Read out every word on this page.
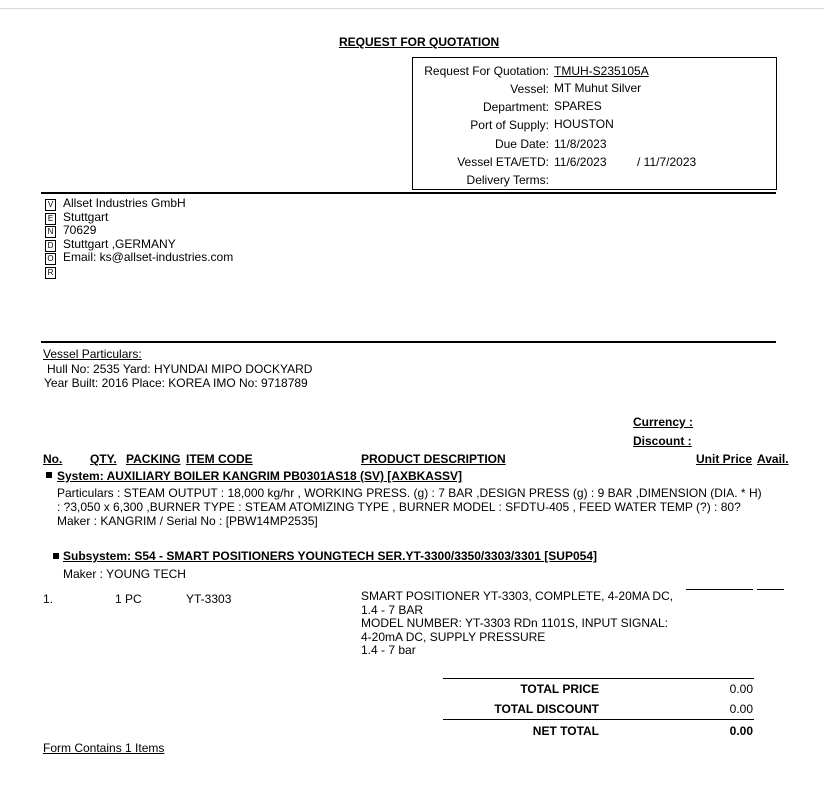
REQUEST FOR QUOTATION
Request For Quotation: TMUH-S235105A
Vessel: MT Muhut Silver
Department: SPARES
Port of Supply: HOUSTON
Due Date: 11/8/2023
Vessel ETA/ETD: 11/6/2023	/ 11/7/2023
Delivery Terms:
V
E
N
D
O
R
Allset Industries GmbH
Stuttgart
70629
Stuttgart ,GERMANY
Email: ks@allset-industries.com
Vessel Particulars:
Hull No: 2535 Yard: HYUNDAI MIPO DOCKYARD
Year Built: 2016 Place: KOREA IMO No: 9718789
Currency :
Discount :
No. QTY. PACKING ITEM CODE	PRODUCT DESCRIPTION	Unit Price Avail.
System: AUXILIARY BOILER KANGRIM PB0301AS18 (SV) [AXBKASSV]
Particulars : STEAM OUTPUT : 18,000 kg/hr , WORKING PRESS. (g) : 7 BAR ,DESIGN PRESS (g) : 9 BAR ,DIMENSION (DIA. * H)
: ?3,050 x 6,300 ,BURNER TYPE : STEAM ATOMIZING TYPE , BURNER MODEL : SFDTU-405 , FEED WATER TEMP (?) : 80?
Maker : KANGRIM / Serial No : [PBW14MP2535]
Subsystem: S54 - SMART POSITIONERS YOUNGTECH SER.YT-3300/3350/3303/3301 [SUP054]
Maker : YOUNG TECH
1.	1 PC	YT-3303	SMART POSITIONER YT-3303, COMPLETE, 4-20MA DC,
1.4 - 7 BAR
MODEL NUMBER: YT-3303 RDn 1101S, INPUT SIGNAL:
4-20mA DC, SUPPLY PRESSURE
1.4 - 7 bar
TOTAL PRICE	0.00
TOTAL DISCOUNT	0.00
NET TOTAL	0.00
Form Contains 1 Items
